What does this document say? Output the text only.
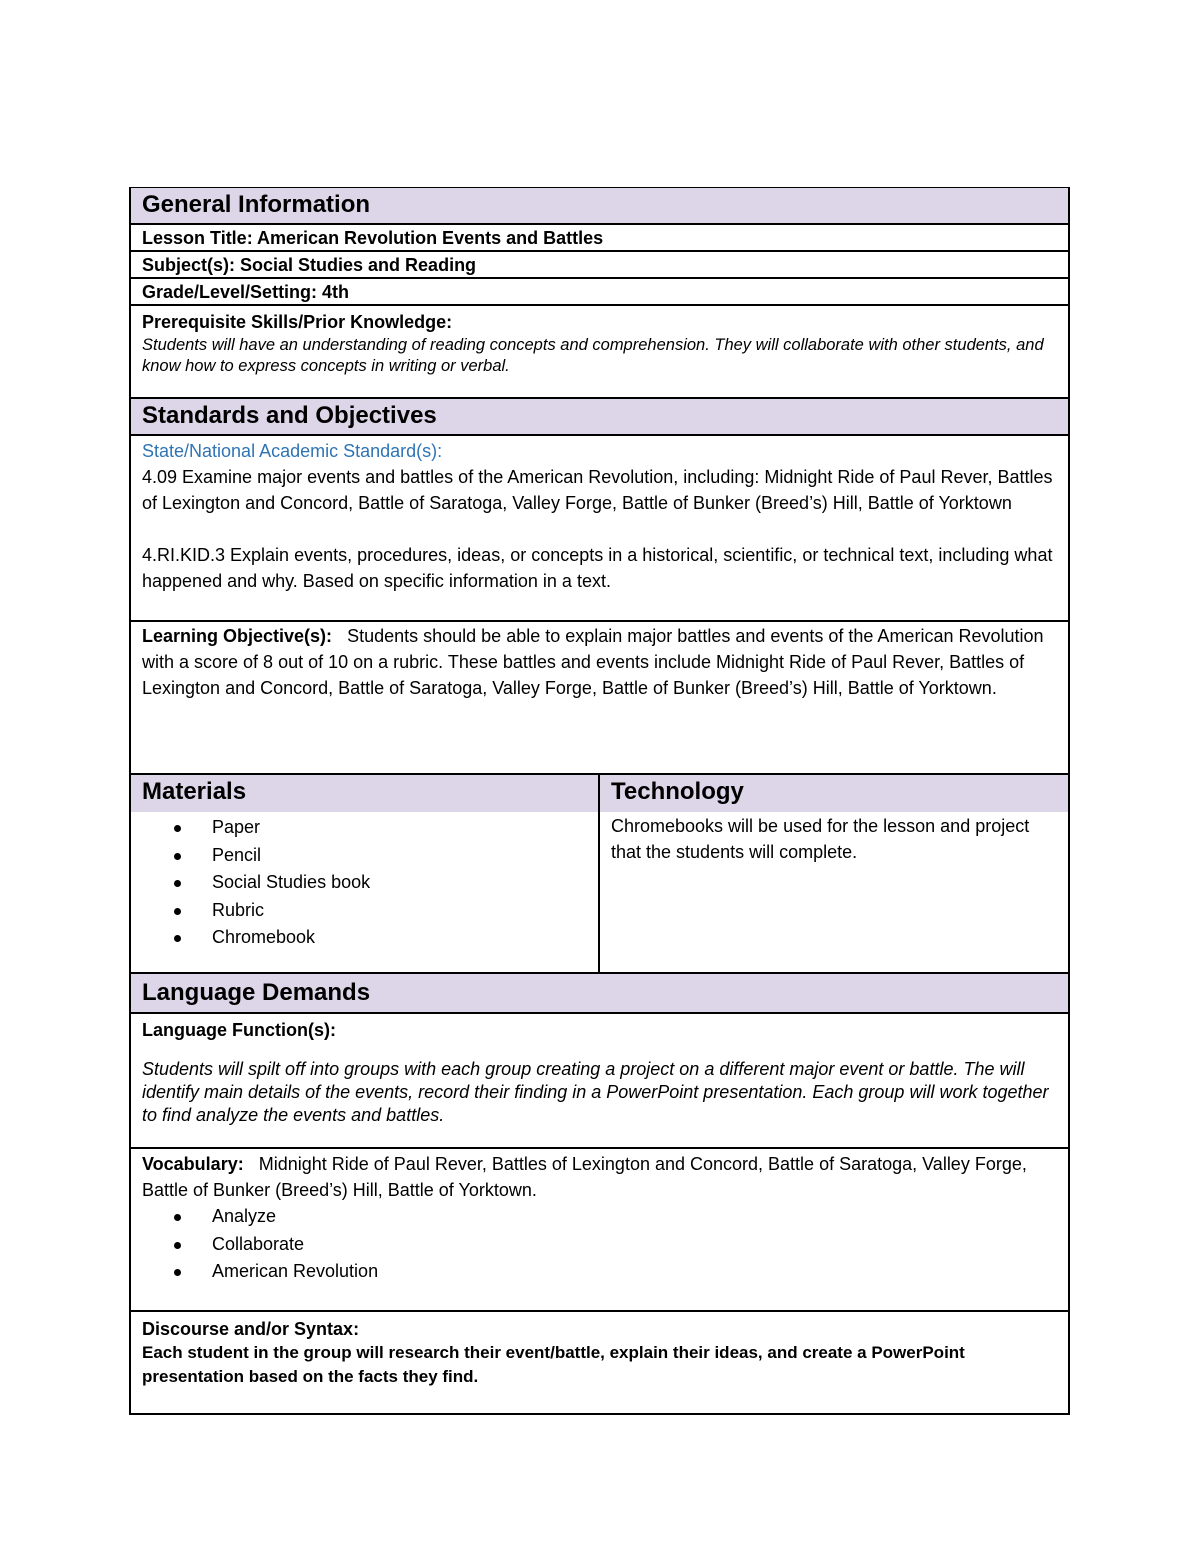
General Information
Lesson Title: American Revolution Events and Battles
Subject(s): Social Studies and Reading
Grade/Level/Setting: 4th
Prerequisite Skills/Prior Knowledge:
Students will have an understanding of reading concepts and comprehension. They will collaborate with other students, and know how to express concepts in writing or verbal.
Standards and Objectives
State/National Academic Standard(s):
4.09 Examine major events and battles of the American Revolution, including: Midnight Ride of Paul Rever, Battles of Lexington and Concord, Battle of Saratoga, Valley Forge, Battle of Bunker (Breed’s) Hill, Battle of Yorktown
4.RI.KID.3 Explain events, procedures, ideas, or concepts in a historical, scientific, or technical text, including what happened and why. Based on specific information in a text.
Learning Objective(s): Students should be able to explain major battles and events of the American Revolution with a score of 8 out of 10 on a rubric. These battles and events include Midnight Ride of Paul Rever, Battles of Lexington and Concord, Battle of Saratoga, Valley Forge, Battle of Bunker (Breed’s) Hill, Battle of Yorktown.
Materials	Technology
Paper
Pencil
Social Studies book
Rubric
Chromebook
Chromebooks will be used for the lesson and project that the students will complete.
Language Demands
Language Function(s):
Students will spilt off into groups with each group creating a project on a different major event or battle. The will identify main details of the events, record their finding in a PowerPoint presentation. Each group will work together to find analyze the events and battles.
Vocabulary: Midnight Ride of Paul Rever, Battles of Lexington and Concord, Battle of Saratoga, Valley Forge, Battle of Bunker (Breed’s) Hill, Battle of Yorktown.
Analyze
Collaborate
American Revolution
Discourse and/or Syntax:
Each student in the group will research their event/battle, explain their ideas, and create a PowerPoint presentation based on the facts they find.
